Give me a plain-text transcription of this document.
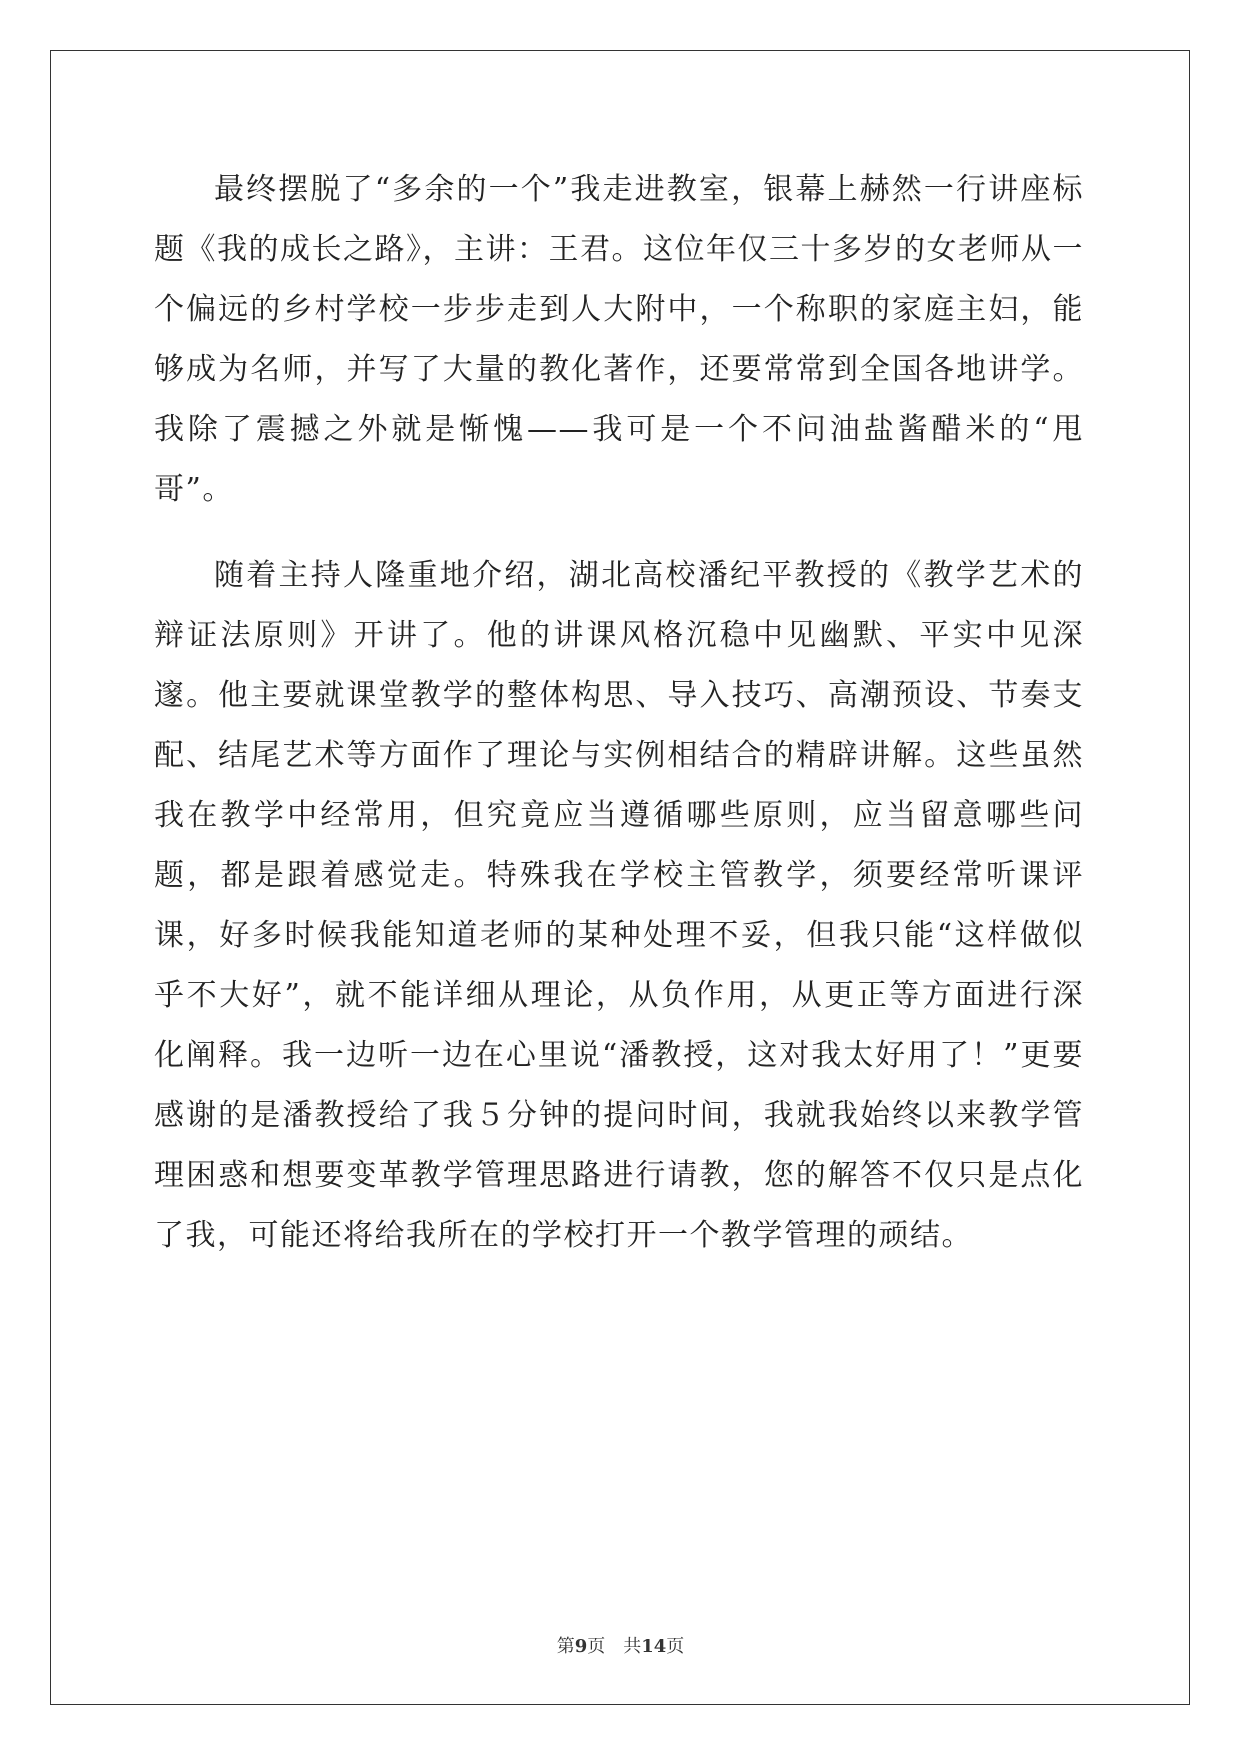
最终摆脱了“多余的一个”我走进教室，银幕上赫然一行讲座标题《我的成长之路》，主讲：王君。这位年仅三十多岁的女老师从一个偏远的乡村学校一步步走到人大附中，一个称职的家庭主妇，能够成为名师，并写了大量的教化著作，还要常常到全国各地讲学。我除了震撼之外就是惭愧——我可是一个不问油盐酱醋米的“甩哥”。

随着主持人隆重地介绍，湖北高校潘纪平教授的《教学艺术的辩证法原则》开讲了。他的讲课风格沉稳中见幽默、平实中见深邃。他主要就课堂教学的整体构思、导入技巧、高潮预设、节奏支配、结尾艺术等方面作了理论与实例相结合的精辟讲解。这些虽然我在教学中经常用，但究竟应当遵循哪些原则，应当留意哪些问题，都是跟着感觉走。特殊我在学校主管教学，须要经常听课评课，好多时候我能知道老师的某种处理不妥，但我只能“这样做似乎不大好”，就不能详细从理论，从负作用，从更正等方面进行深化阐释。我一边听一边在心里说“潘教授，这对我太好用了！”更要感谢的是潘教授给了我５分钟的提问时间，我就我始终以来教学管理困惑和想要变革教学管理思路进行请教，您的解答不仅只是点化了我，可能还将给我所在的学校打开一个教学管理的顽结。

第9页 共14页
